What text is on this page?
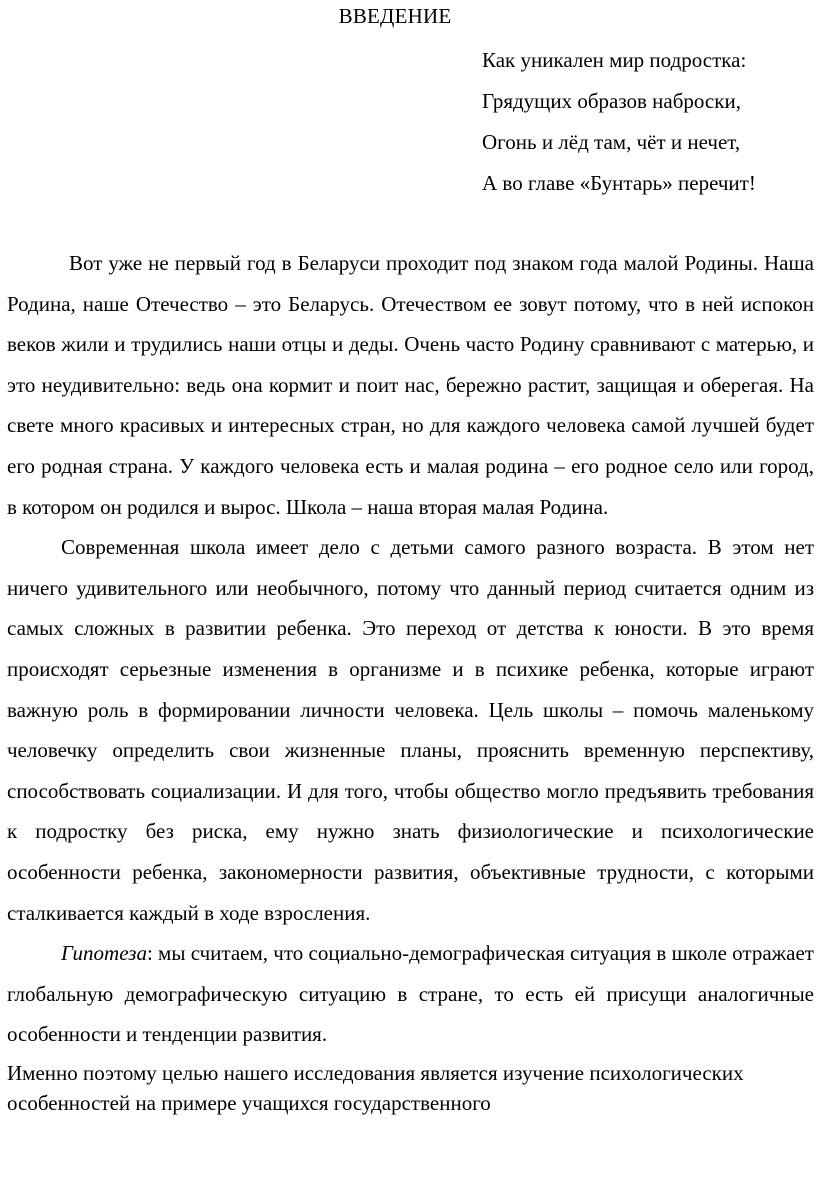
ВВЕДЕНИЕ
Как уникален мир подростка:
Грядущих образов наброски,
Огонь и лёд там, чёт и нечет,
А во главе «Бунтарь» перечит!

Вот уже не первый год в Беларуси проходит под знаком года малой Родины. Наша Родина, наше Отечество – это Беларусь. Отечеством ее зовут потому, что в ней испокон веков жили и трудились наши отцы и деды. Очень часто Родину сравнивают с матерью, и это неудивительно: ведь она кормит и поит нас, бережно растит, защищая и оберегая. На свете много красивых и интересных стран, но для каждого человека самой лучшей будет его родная страна. У каждого человека есть и малая родина – его родное село или город, в котором он родился и вырос. Школа – наша вторая малая Родина.

Современная школа имеет дело с детьми самого разного возраста. В этом нет ничего удивительного или необычного, потому что данный период считается одним из самых сложных в развитии ребенка. Это переход от детства к юности. В это время происходят серьезные изменения в организме и в психике ребенка, которые играют важную роль в формировании личности человека. Цель школы – помочь маленькому человечку определить свои жизненные планы, прояснить временную перспективу, способствовать социализации. И для того, чтобы общество могло предъявить требования к подростку без риска, ему нужно знать физиологические и психологические особенности ребенка, закономерности развития, объективные трудности, с которыми сталкивается каждый в ходе взросления.

Гипотеза: мы считаем, что социально-демографическая ситуация в школе отражает глобальную демографическую ситуацию в стране, то есть ей присущи аналогичные особенности и тенденции развития.

Именно поэтому целью нашего исследования является изучение психологических особенностей на примере учащихся государственного
